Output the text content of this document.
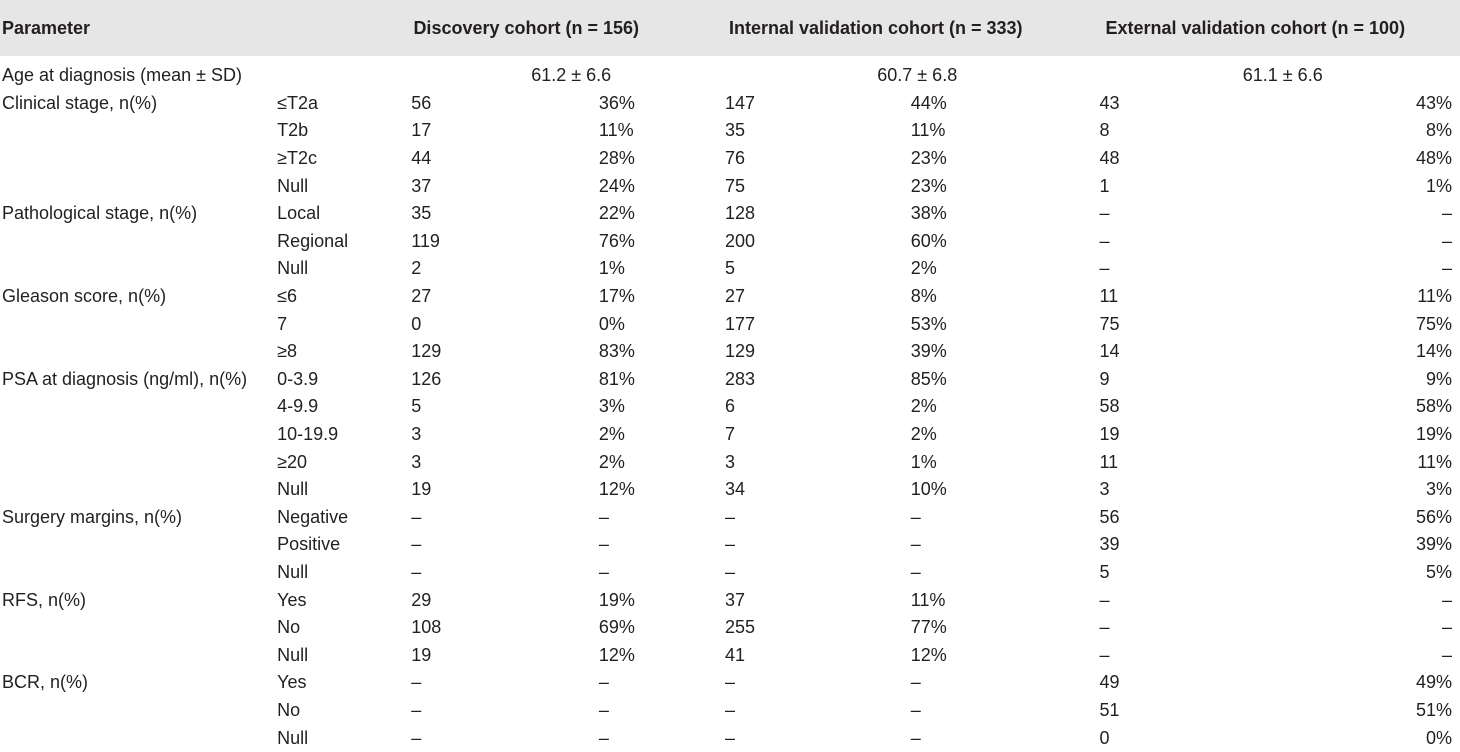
Parameter	Discovery cohort (n = 156)	Internal validation cohort (n = 333)	External validation cohort (n = 100)
Age at diagnosis (mean ± SD)	61.2 ± 6.6	60.7 ± 6.8	61.1 ± 6.6
Clinical stage, n(%)	≤T2a	56	36%	147	44%	43	43%
T2b	17	11%	35	11%	8	8%
≥T2c	44	28%	76	23%	48	48%
Null	37	24%	75	23%	1	1%
Pathological stage, n(%)	Local	35	22%	128	38%	–	–
Regional	119	76%	200	60%	–	–
Null	2	1%	5	2%	–	–
Gleason score, n(%)	≤6	27	17%	27	8%	11	11%
7	0	0%	177	53%	75	75%
≥8	129	83%	129	39%	14	14%
PSA at diagnosis (ng/ml), n(%)	0-3.9	126	81%	283	85%	9	9%
4-9.9	5	3%	6	2%	58	58%
10-19.9	3	2%	7	2%	19	19%
≥20	3	2%	3	1%	11	11%
Null	19	12%	34	10%	3	3%
Surgery margins, n(%)	Negative	–	–	–	–	56	56%
Positive	–	–	–	–	39	39%
Null	–	–	–	–	5	5%
RFS, n(%)	Yes	29	19%	37	11%	–	–
No	108	69%	255	77%	–	–
Null	19	12%	41	12%	–	–
BCR, n(%)	Yes	–	–	–	–	49	49%
No	–	–	–	–	51	51%
Null	–	–	–	–	0	0%
